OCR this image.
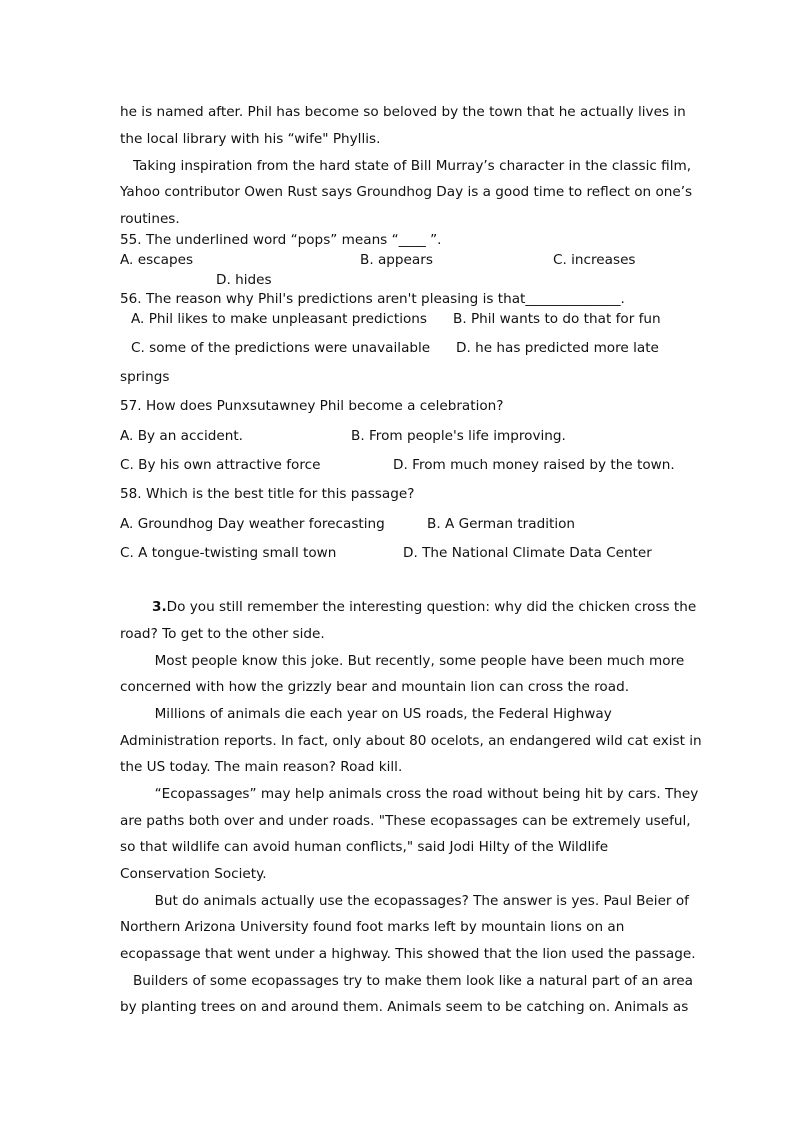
he is named after. Phil has become so beloved by the town that he actually lives in

the local library with his “wife" Phyllis.

Taking inspiration from the hard state of Bill Murray’s character in the classic film,

Yahoo contributor Owen Rust says Groundhog Day is a good time to reflect on one’s

routines.

55. The underlined word “pops” means “____ ”.

A. escapes	B. appears	C. increases

D. hides

56. The reason why Phil's predictions aren't pleasing is that______________.

A. Phil likes to make unpleasant predictions B. Phil wants to do that for fun

C. some of the predictions were unavailable D. he has predicted more late

springs

57. How does Punxsutawney Phil become a celebration?

A. By an accident.	B. From people's life improving.

C. By his own attractive force	D. From much money raised by the town.

58. Which is the best title for this passage?

A. Groundhog Day weather forecasting	B. A German tradition

C. A tongue-twisting small town	D. The National Climate Data Center

3.Do you still remember the interesting question: why did the chicken cross the

road? To get to the other side.

Most people know this joke. But recently, some people have been much more

concerned with how the grizzly bear and mountain lion can cross the road.

Millions of animals die each year on US roads, the Federal Highway

Administration reports. In fact, only about 80 ocelots, an endangered wild cat exist in

the US today. The main reason? Road kill.

“Ecopassages” may help animals cross the road without being hit by cars. They

are paths both over and under roads. "These ecopassages can be extremely useful,

so that wildlife can avoid human conflicts," said Jodi Hilty of the Wildlife

Conservation Society.

But do animals actually use the ecopassages? The answer is yes. Paul Beier of

Northern Arizona University found foot marks left by mountain lions on an

ecopassage that went under a highway. This showed that the lion used the passage.

Builders of some ecopassages try to make them look like a natural part of an area

by planting trees on and around them. Animals seem to be catching on. Animals as
